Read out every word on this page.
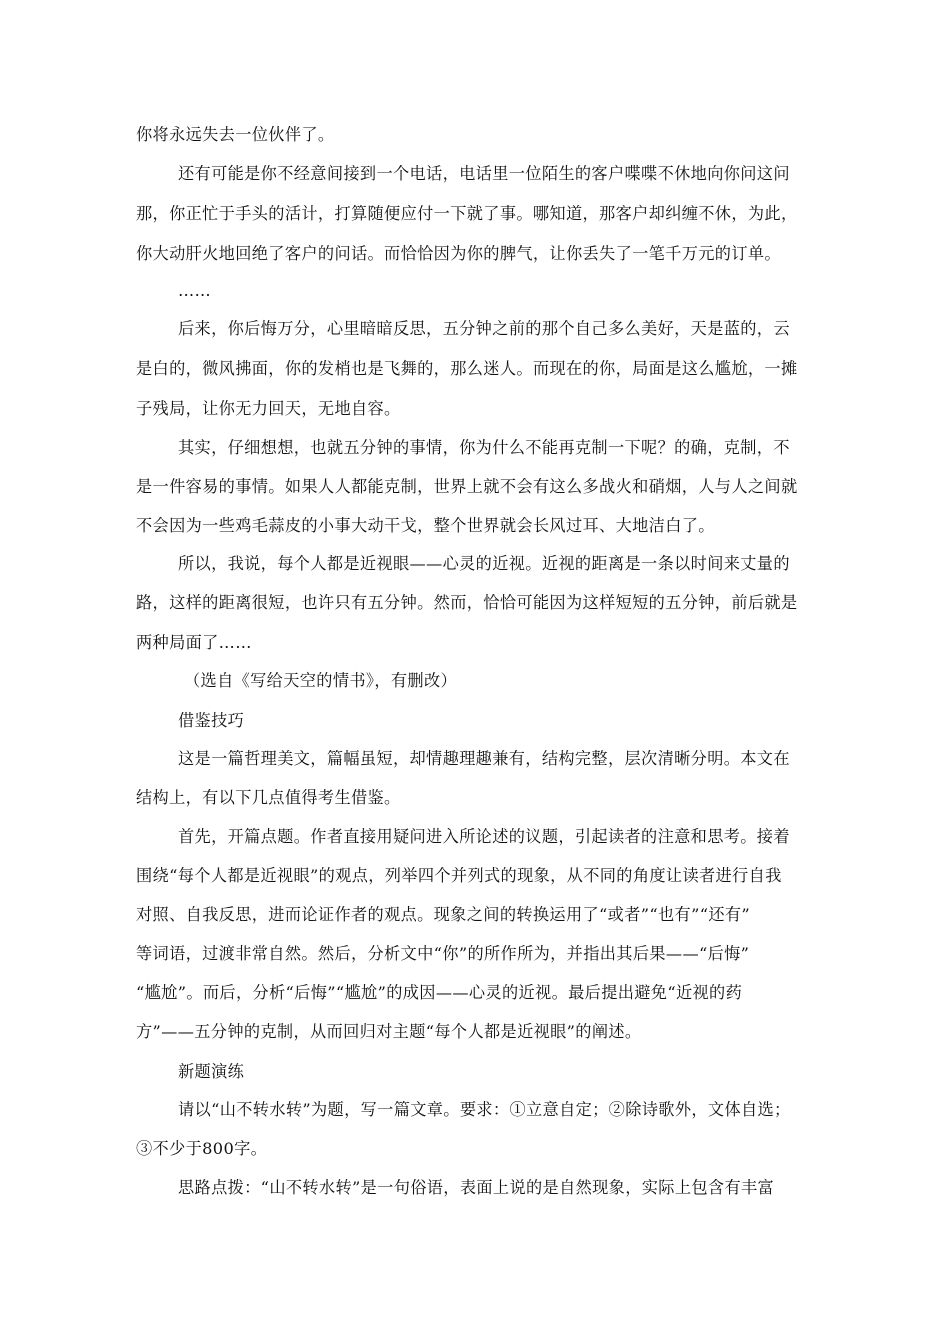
你将永远失去一位伙伴了。
还有可能是你不经意间接到一个电话，电话里一位陌生的客户喋喋不休地向你问这问
那，你正忙于手头的活计，打算随便应付一下就了事。哪知道，那客户却纠缠不休，为此，
你大动肝火地回绝了客户的问话。而恰恰因为你的脾气，让你丢失了一笔千万元的订单。
……
后来，你后悔万分，心里暗暗反思，五分钟之前的那个自己多么美好，天是蓝的，云
是白的，微风拂面，你的发梢也是飞舞的，那么迷人。而现在的你，局面是这么尴尬，一摊
子残局，让你无力回天，无地自容。
其实，仔细想想，也就五分钟的事情，你为什么不能再克制一下呢？的确，克制，不
是一件容易的事情。如果人人都能克制，世界上就不会有这么多战火和硝烟，人与人之间就
不会因为一些鸡毛蒜皮的小事大动干戈，整个世界就会长风过耳、大地洁白了。
所以，我说，每个人都是近视眼——心灵的近视。近视的距离是一条以时间来丈量的
路，这样的距离很短，也许只有五分钟。然而，恰恰可能因为这样短短的五分钟，前后就是
两种局面了……
（选自《写给天空的情书》，有删改）
借鉴技巧
这是一篇哲理美文，篇幅虽短，却情趣理趣兼有，结构完整，层次清晰分明。本文在
结构上，有以下几点值得考生借鉴。
首先，开篇点题。作者直接用疑问进入所论述的议题，引起读者的注意和思考。接着
围绕“每个人都是近视眼”的观点，列举四个并列式的现象，从不同的角度让读者进行自我
对照、自我反思，进而论证作者的观点。现象之间的转换运用了“或者”“也有”“还有”
等词语，过渡非常自然。然后，分析文中“你”的所作所为，并指出其后果——“后悔”
“尴尬”。而后，分析“后悔”“尴尬”的成因——心灵的近视。最后提出避免“近视的药
方”——五分钟的克制，从而回归对主题“每个人都是近视眼”的阐述。
新题演练
请以“山不转水转”为题，写一篇文章。要求：①立意自定；②除诗歌外，文体自选；
③不少于800字。
思路点拨：“山不转水转”是一句俗语，表面上说的是自然现象，实际上包含有丰富
